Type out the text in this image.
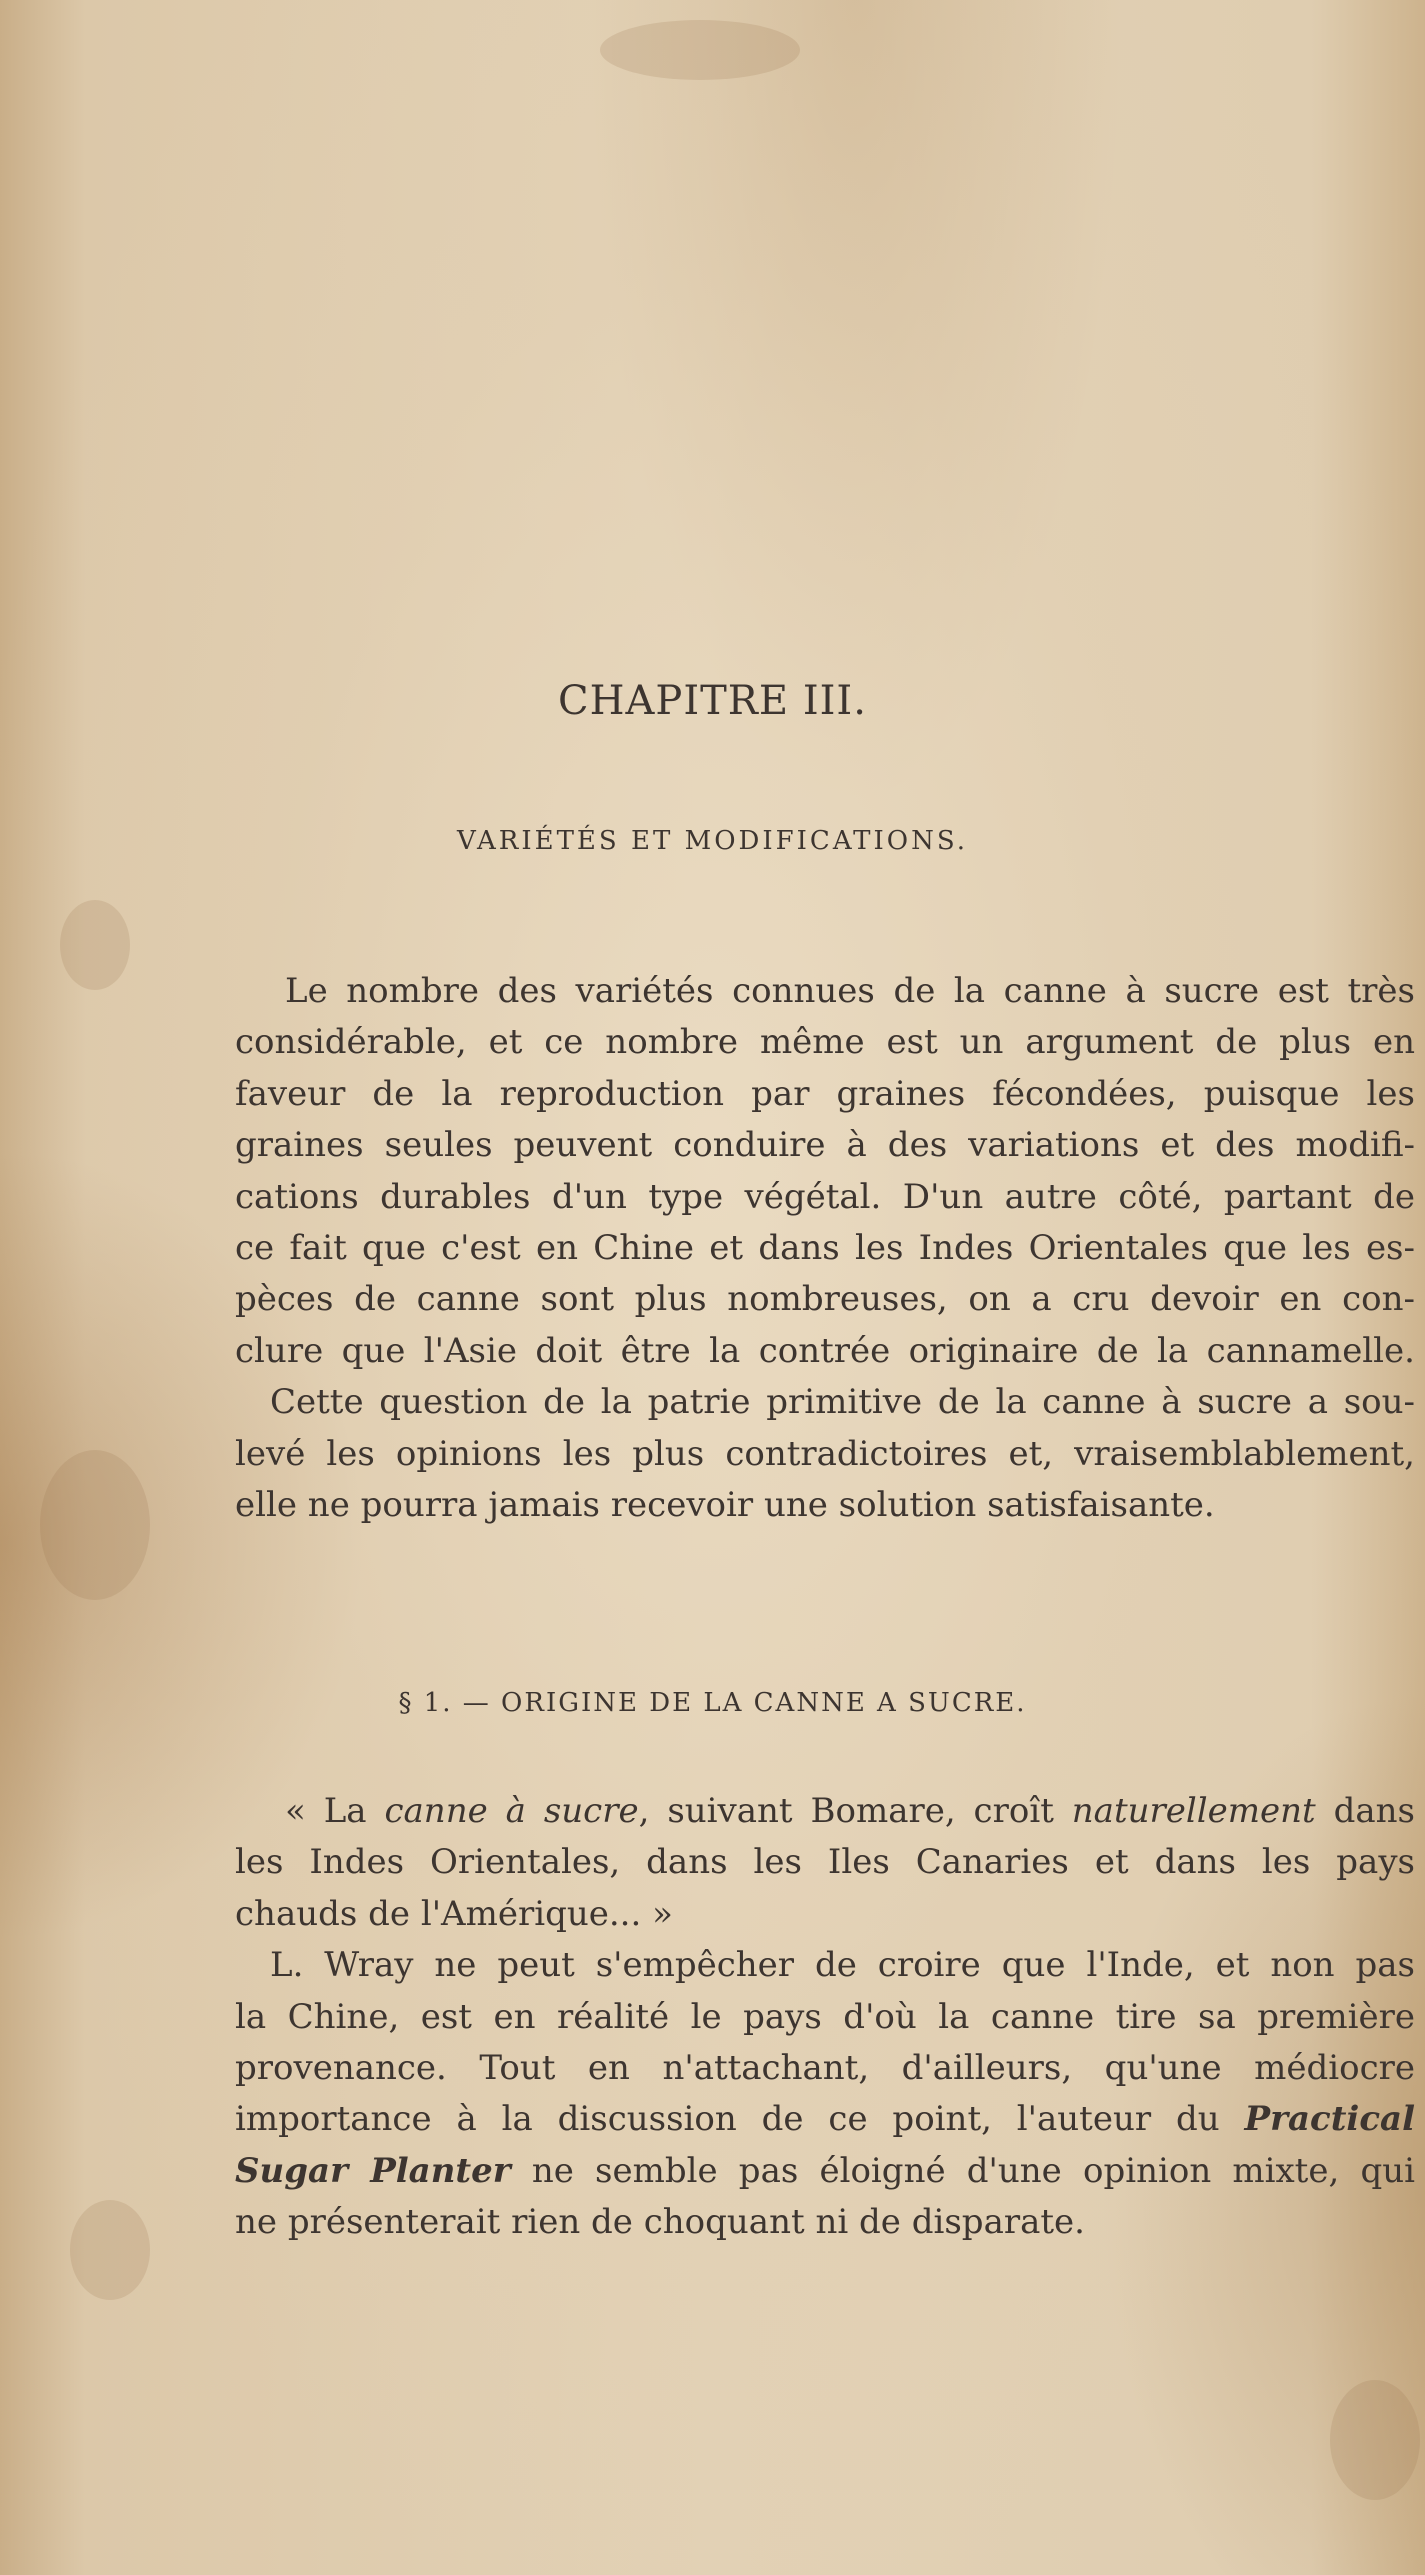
CHAPITRE III.
VARIÉTÉS ET MODIFICATIONS.
Le nombre des variétés connues de la canne à sucre est très
considérable, et ce nombre même est un argument de plus en
faveur de la reproduction par graines fécondées, puisque les
graines seules peuvent conduire à des variations et des modifi-
cations durables d'un type végétal. D'un autre côté, partant de
ce fait que c'est en Chine et dans les Indes Orientales que les es-
pèces de canne sont plus nombreuses, on a cru devoir en con-
clure que l'Asie doit être la contrée originaire de la cannamelle.
Cette question de la patrie primitive de la canne à sucre a sou-
levé les opinions les plus contradictoires et, vraisemblablement,
elle ne pourra jamais recevoir une solution satisfaisante.
§ 1. — ORIGINE DE LA CANNE A SUCRE.
« La canne à sucre, suivant Bomare, croît naturellement dans
les Indes Orientales, dans les Iles Canaries et dans les pays
chauds de l'Amérique... »
L. Wray ne peut s'empêcher de croire que l'Inde, et non pas
la Chine, est en réalité le pays d'où la canne tire sa première
provenance. Tout en n'attachant, d'ailleurs, qu'une médiocre
importance à la discussion de ce point, l'auteur du Practical
Sugar Planter ne semble pas éloigné d'une opinion mixte, qui
ne présenterait rien de choquant ni de disparate.
